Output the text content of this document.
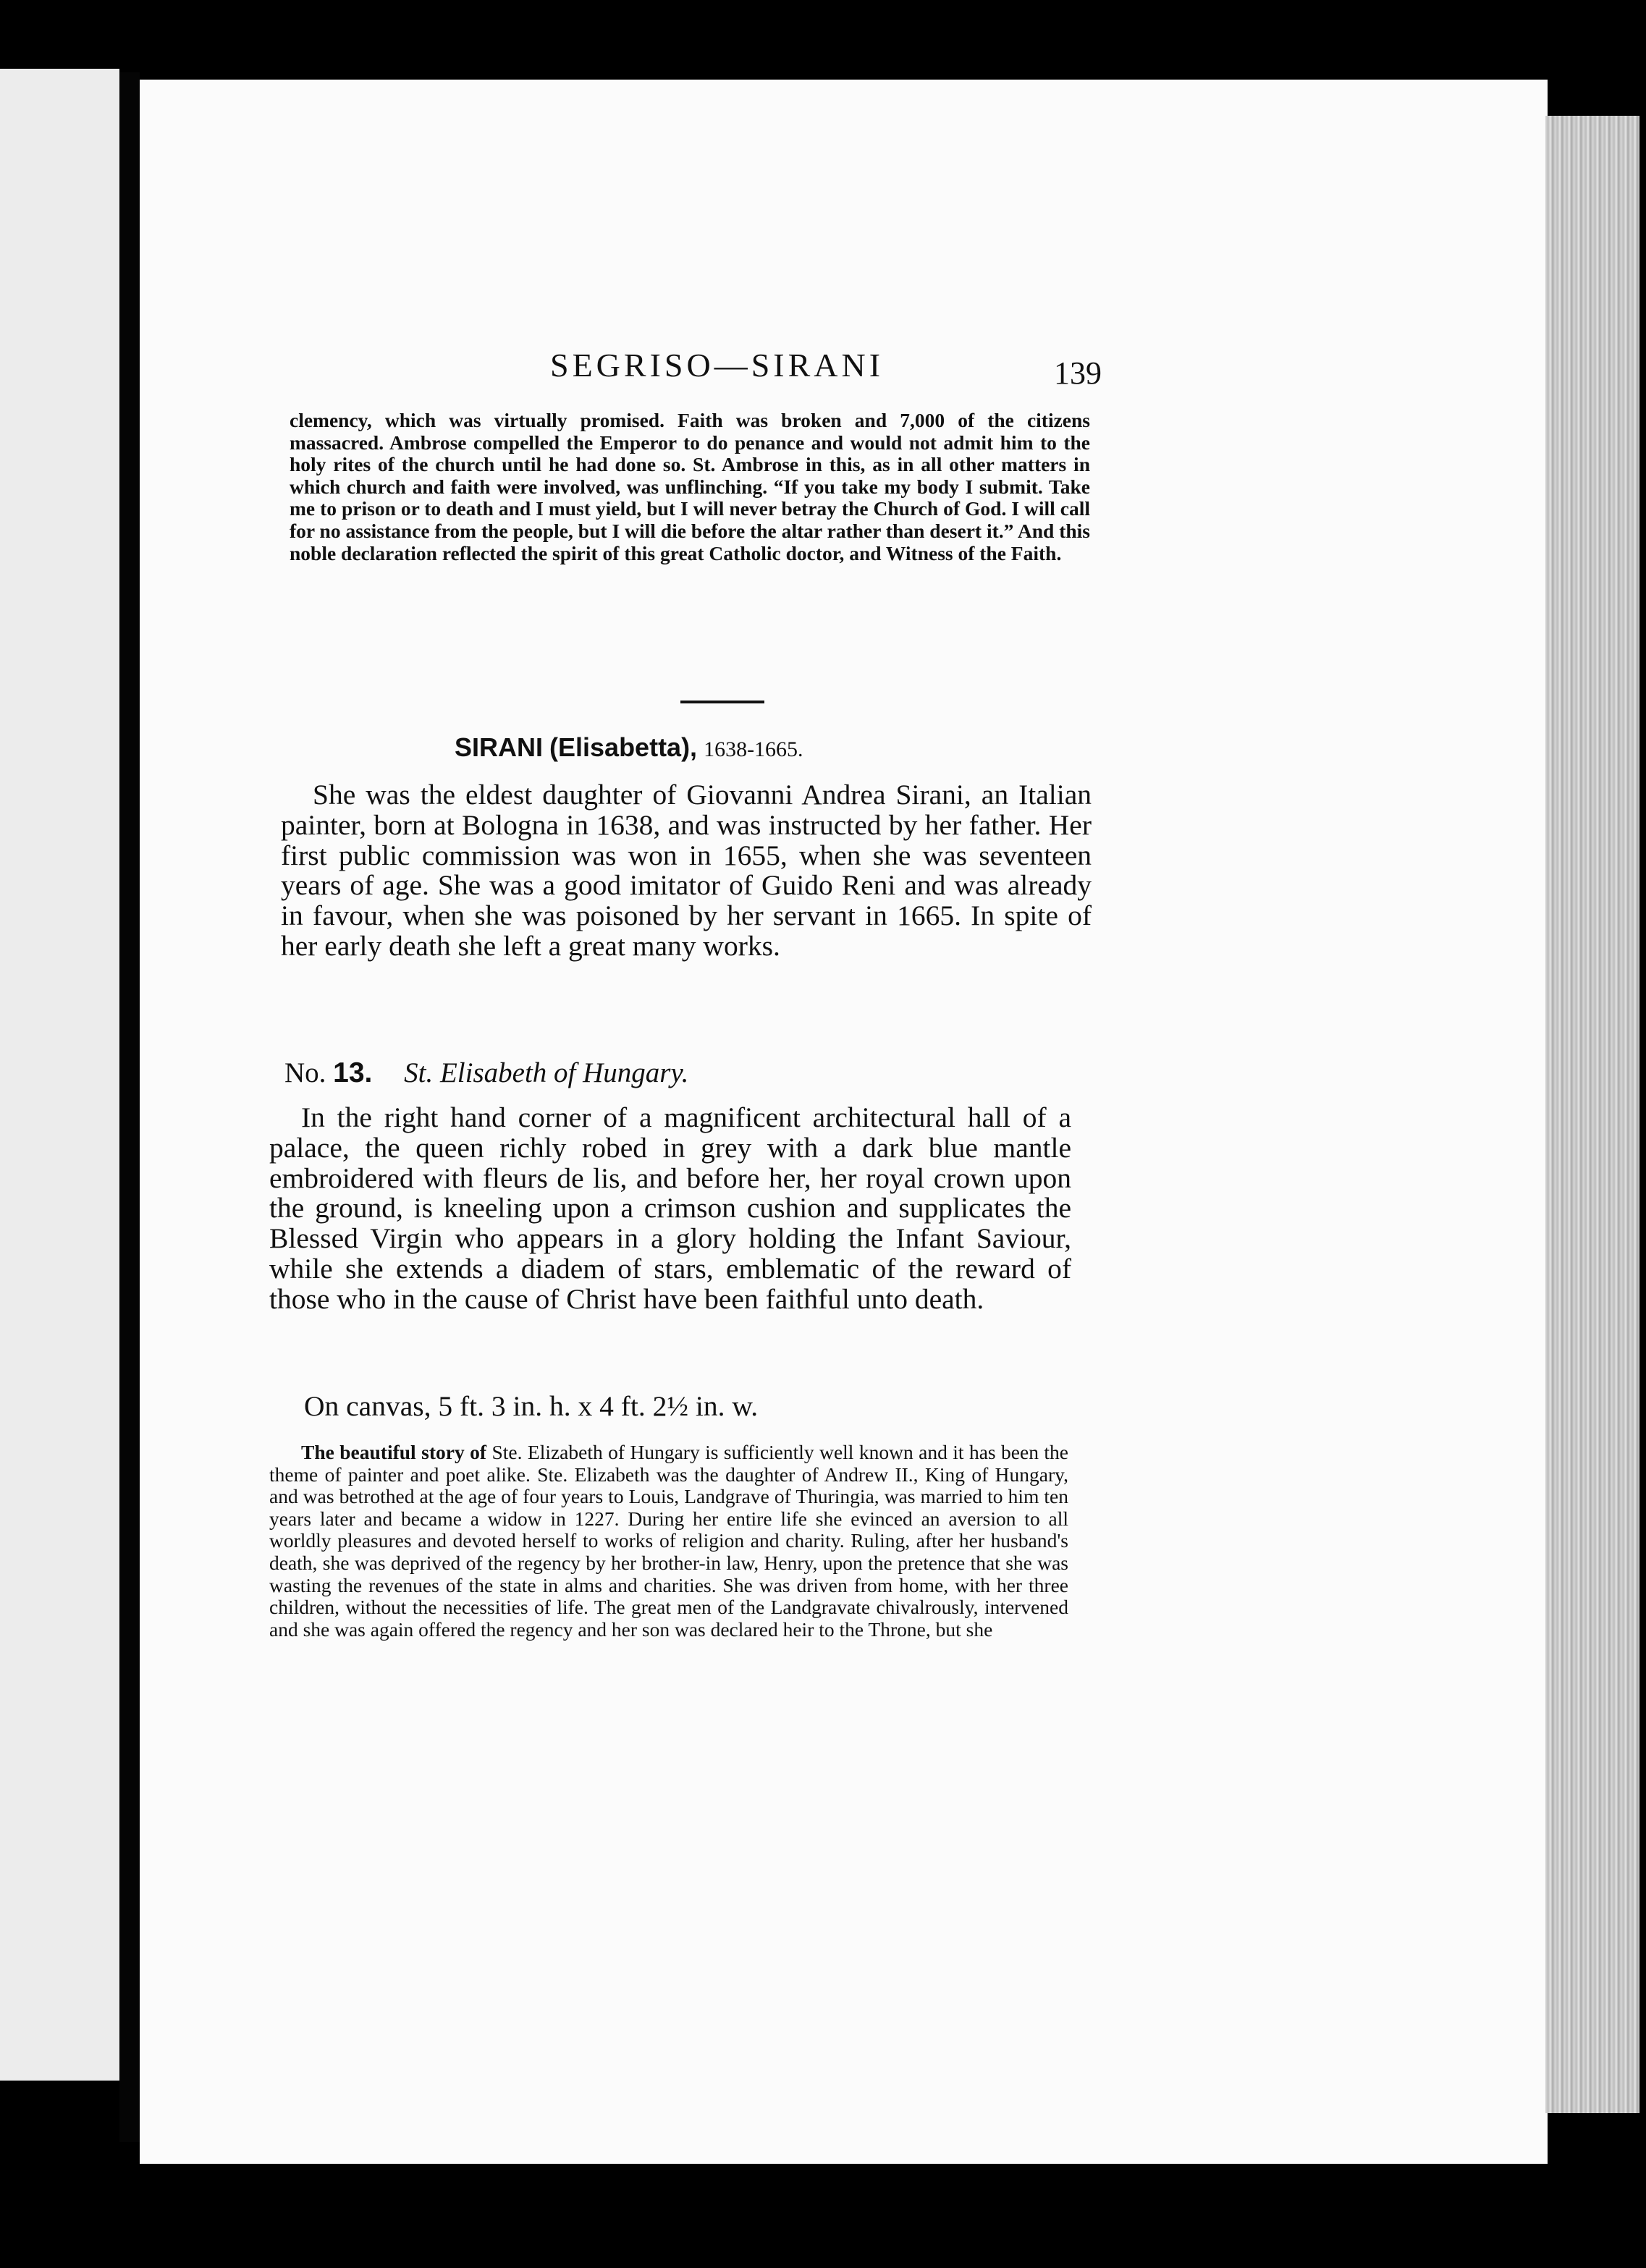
SEGRISO—SIRANI	139

clemency, which was virtually promised. Faith was broken and 7,000 of the citizens massacred. Ambrose compelled the Emperor to do penance and would not admit him to the holy rites of the church until he had done so. St. Ambrose in this, as in all other matters in which church and faith were involved, was unflinching. “If you take my body I submit. Take me to prison or to death and I must yield, but I will never betray the Church of God. I will call for no assistance from the people, but I will die before the altar rather than desert it.” And this noble declaration reflected the spirit of this great Catholic doctor, and Witness of the Faith.

SIRANI (Elisabetta), 1638-1665.

She was the eldest daughter of Giovanni Andrea Sirani, an Italian painter, born at Bologna in 1638, and was instructed by her father. Her first public commission was won in 1655, when she was seventeen years of age. She was a good imitator of Guido Reni and was already in favour, when she was poisoned by her servant in 1665. In spite of her early death she left a great many works.

No. 13. St. Elisabeth of Hungary.

In the right hand corner of a magnificent architectural hall of a palace, the queen richly robed in grey with a dark blue mantle embroidered with fleurs de lis, and before her, her royal crown upon the ground, is kneeling upon a crimson cushion and supplicates the Blessed Virgin who appears in a glory holding the Infant Saviour, while she extends a diadem of stars, emblematic of the reward of those who in the cause of Christ have been faithful unto death.

On canvas, 5 ft. 3 in. h. x 4 ft. 2½ in. w.

The beautiful story of Ste. Elizabeth of Hungary is sufficiently well known and it has been the theme of painter and poet alike. Ste. Elizabeth was the daughter of Andrew II., King of Hungary, and was betrothed at the age of four years to Louis, Landgrave of Thuringia, was married to him ten years later and became a widow in 1227. During her entire life she evinced an aversion to all worldly pleasures and devoted herself to works of religion and charity. Ruling, after her husband's death, she was deprived of the regency by her brother-in law, Henry, upon the pretence that she was wasting the revenues of the state in alms and charities. She was driven from home, with her three children, without the necessities of life. The great men of the Landgravate chivalrously, intervened and she was again offered the regency and her son was declared heir to the Throne, but she
